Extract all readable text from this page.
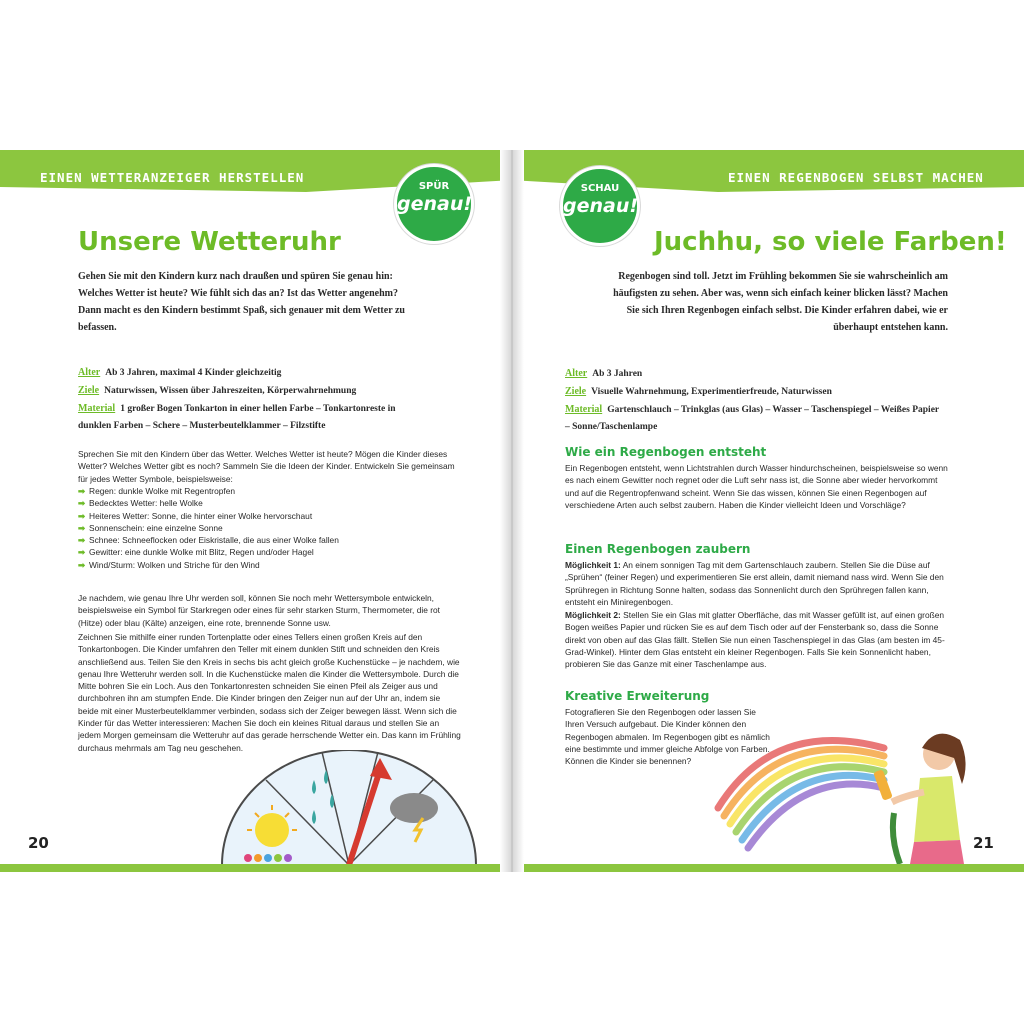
EINEN WETTERANZEIGER HERSTELLEN
SPÜR
genau!
Unsere Wetteruhr

Gehen Sie mit den Kindern kurz nach draußen und spüren Sie genau hin: Welches Wetter ist heute? Wie fühlt sich das an? Ist das Wetter angenehm? Dann macht es den Kindern bestimmt Spaß, sich genauer mit dem Wetter zu befassen.

Alter Ab 3 Jahren, maximal 4 Kinder gleichzeitig

Ziele Naturwissen, Wissen über Jahreszeiten, Körperwahrnehmung

Material 1 großer Bogen Tonkarton in einer hellen Farbe – Tonkartonreste in dunklen Farben – Schere – Musterbeutelklammer – Filzstifte

Sprechen Sie mit den Kindern über das Wetter. Welches Wetter ist heute? Mögen die Kinder dieses Wetter? Welches Wetter gibt es noch? Sammeln Sie die Ideen der Kinder. Entwickeln Sie gemeinsam für jedes Wetter Symbole, beispielsweise:

➡ Regen: dunkle Wolke mit Regentropfen
➡ Bedecktes Wetter: helle Wolke
➡ Heiteres Wetter: Sonne, die hinter einer Wolke hervorschaut
➡ Sonnenschein: eine einzelne Sonne
➡ Schnee: Schneeflocken oder Eiskristalle, die aus einer Wolke fallen
➡ Gewitter: eine dunkle Wolke mit Blitz, Regen und/oder Hagel
➡ Wind/Sturm: Wolken und Striche für den Wind

Je nachdem, wie genau Ihre Uhr werden soll, können Sie noch mehr Wettersymbole entwickeln, beispielsweise ein Symbol für Starkregen oder eines für sehr starken Sturm, Thermometer, die rot (Hitze) oder blau (Kälte) anzeigen, eine rote, brennende Sonne usw.

Zeichnen Sie mithilfe einer runden Tortenplatte oder eines Tellers einen großen Kreis auf den Tonkartonbogen. Die Kinder umfahren den Teller mit einem dunklen Stift und schneiden den Kreis anschließend aus. Teilen Sie den Kreis in sechs bis acht gleich große Kuchenstücke – je nachdem, wie genau Ihre Wetteruhr werden soll. In die Kuchenstücke malen die Kinder die Wettersymbole. Durch die Mitte bohren Sie ein Loch. Aus den Tonkartonresten schneiden Sie einen Pfeil als Zeiger aus und durchbohren ihn am stumpfen Ende. Die Kinder bringen den Zeiger nun auf der Uhr an, indem sie beide mit einer Musterbeutelklammer verbinden, sodass sich der Zeiger bewegen lässt. Wenn sich die Kinder für das Wetter interessieren: Machen Sie doch ein kleines Ritual daraus und stellen Sie an jedem Morgen gemeinsam die Wetteruhr auf das gerade herrschende Wetter ein. Das kann im Frühling durchaus mehrmals am Tag neu geschehen.

20
EINEN REGENBOGEN SELBST MACHEN
SCHAU
genau!
Juchhu, so viele Farben!

Regenbogen sind toll. Jetzt im Frühling bekommen Sie sie wahrscheinlich am häufigsten zu sehen. Aber was, wenn sich einfach keiner blicken lässt? Machen Sie sich Ihren Regenbogen einfach selbst. Die Kinder erfahren dabei, wie er überhaupt entstehen kann.

Alter Ab 3 Jahren

Ziele Visuelle Wahrnehmung, Experimentierfreude, Naturwissen

Material Gartenschlauch – Trinkglas (aus Glas) – Wasser – Taschenspiegel – Weißes Papier – Sonne/Taschenlampe

Wie ein Regenbogen entsteht

Ein Regenbogen entsteht, wenn Lichtstrahlen durch Wasser hindurchscheinen, beispielsweise so wenn es nach einem Gewitter noch regnet oder die Luft sehr nass ist, die Sonne aber wieder hervorkommt und auf die Regentropfenwand scheint. Wenn Sie das wissen, können Sie einen Regenbogen auf verschiedene Arten auch selbst zaubern. Haben die Kinder vielleicht Ideen und Vorschläge?

Einen Regenbogen zaubern

Möglichkeit 1: An einem sonnigen Tag mit dem Gartenschlauch zaubern. Stellen Sie die Düse auf „Sprühen“ (feiner Regen) und experimentieren Sie erst allein, damit niemand nass wird. Wenn Sie den Sprühregen in Richtung Sonne halten, sodass das Sonnenlicht durch den Sprühregen fallen kann, entsteht ein Miniregenbogen.

Möglichkeit 2: Stellen Sie ein Glas mit glatter Oberfläche, das mit Wasser gefüllt ist, auf einen großen Bogen weißes Papier und rücken Sie es auf dem Tisch oder auf der Fensterbank so, dass die Sonne direkt von oben auf das Glas fällt. Stellen Sie nun einen Taschenspiegel in das Glas (am besten im 45-Grad-Winkel). Hinter dem Glas entsteht ein kleiner Regenbogen. Falls Sie kein Sonnenlicht haben, probieren Sie das Ganze mit einer Taschenlampe aus.

Kreative Erweiterung

Fotografieren Sie den Regenbogen oder lassen Sie Ihren Versuch aufgebaut. Die Kinder können den Regenbogen abmalen. Im Regenbogen gibt es nämlich eine bestimmte und immer gleiche Abfolge von Farben. Können die Kinder sie benennen?

21
